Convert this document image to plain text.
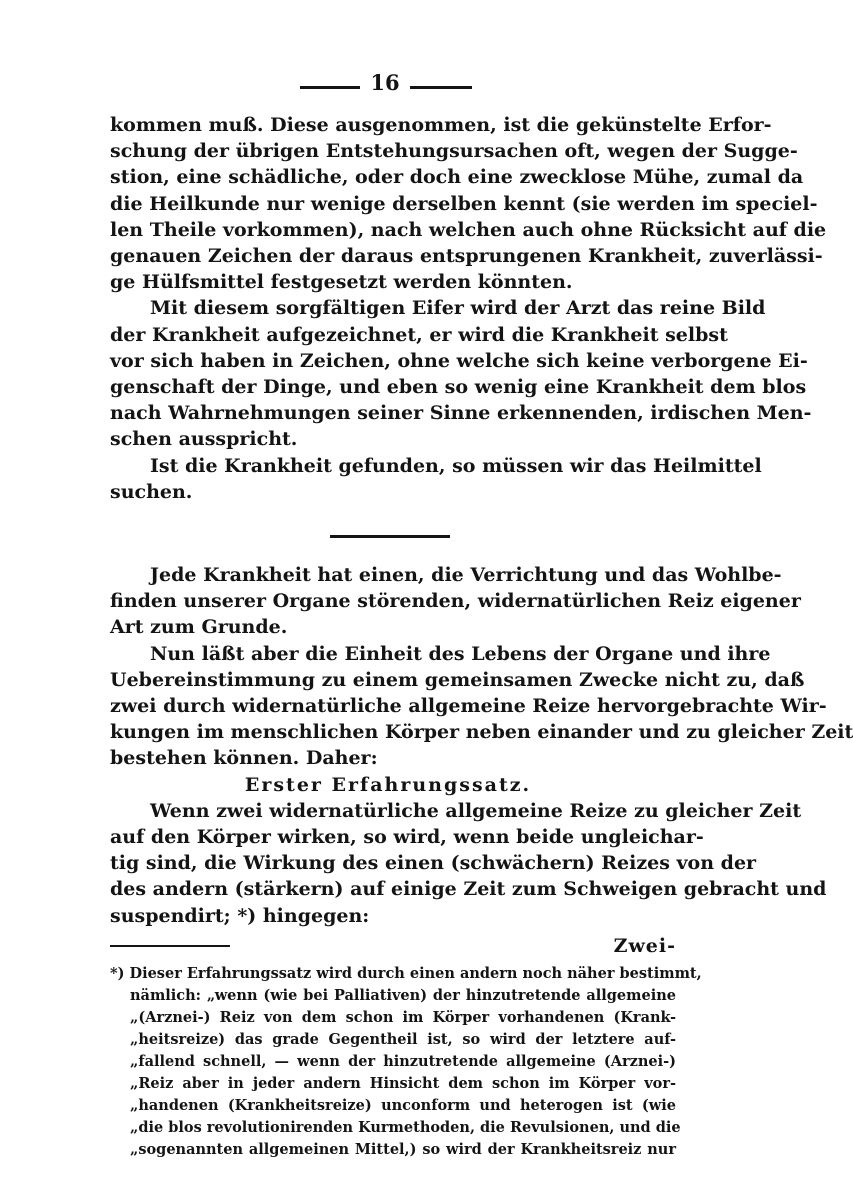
16
kommen muß. Diese ausgenommen, ist die gekünstelte Erfor-
schung der übrigen Entstehungsursachen oft, wegen der Sugge-
stion, eine schädliche, oder doch eine zwecklose Mühe, zumal da
die Heilkunde nur wenige derselben kennt (sie werden im speciel-
len Theile vorkommen), nach welchen auch ohne Rücksicht auf die
genauen Zeichen der daraus entsprungenen Krankheit, zuverlässi-
ge Hülfsmittel festgesetzt werden könnten.
Mit diesem sorgfältigen Eifer wird der Arzt das reine Bild
der Krankheit aufgezeichnet, er wird die Krankheit selbst
vor sich haben in Zeichen, ohne welche sich keine verborgene Ei-
genschaft der Dinge, und eben so wenig eine Krankheit dem blos
nach Wahrnehmungen seiner Sinne erkennenden, irdischen Men-
schen ausspricht.
Ist die Krankheit gefunden, so müssen wir das Heilmittel
suchen.
Jede Krankheit hat einen, die Verrichtung und das Wohlbe-
finden unserer Organe störenden, widernatürlichen Reiz eigener
Art zum Grunde.
Nun läßt aber die Einheit des Lebens der Organe und ihre
Uebereinstimmung zu einem gemeinsamen Zwecke nicht zu, daß
zwei durch widernatürliche allgemeine Reize hervorgebrachte Wir-
kungen im menschlichen Körper neben einander und zu gleicher Zeit
bestehen können. Daher:
Erster Erfahrungssatz.
Wenn zwei widernatürliche allgemeine Reize zu gleicher Zeit
auf den Körper wirken, so wird, wenn beide ungleichar-
tig sind, die Wirkung des einen (schwächern) Reizes von der
des andern (stärkern) auf einige Zeit zum Schweigen gebracht und
suspendirt; *) hingegen:
Zwei-
*) Dieser Erfahrungssatz wird durch einen andern noch näher bestimmt,
nämlich: „wenn (wie bei Palliativen) der hinzutretende allgemeine
„(Arznei-) Reiz von dem schon im Körper vorhandenen (Krank-
„heitsreize) das grade Gegentheil ist, so wird der letztere auf-
„fallend schnell, — wenn der hinzutretende allgemeine (Arznei-)
„Reiz aber in jeder andern Hinsicht dem schon im Körper vor-
„handenen (Krankheitsreize) unconform und heterogen ist (wie
„die blos revolutionirenden Kurmethoden, die Revulsionen, und die
„sogenannten allgemeinen Mittel,) so wird der Krankheitsreiz nur
